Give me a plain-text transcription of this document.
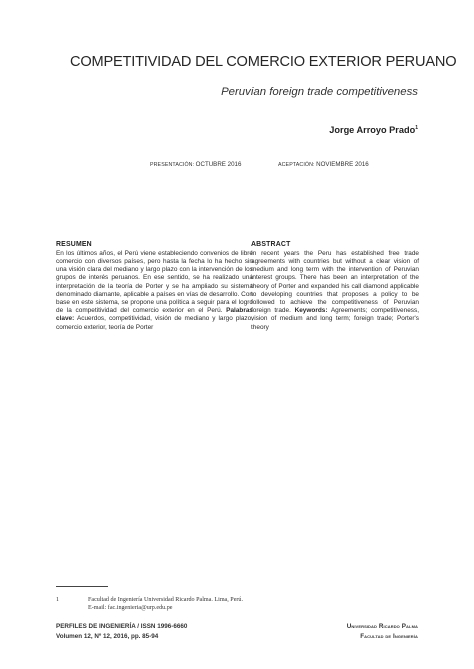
COMPETITIVIDAD DEL COMERCIO EXTERIOR PERUANO
Peruvian foreign trade competitiveness
Jorge Arroyo Prado$^1$
PRESENTACIÓN: OCTUBRE 2016	ACEPTACIÓN: NOVIEMBRE 2016
RESUMEN
En los últimos años, el Perú viene estableciendo convenios de libre comercio con diversos países, pero hasta la fecha lo ha hecho sin una visión clara del mediano y largo plazo con la intervención de los grupos de interés peruanos. En ese sentido, se ha realizado una interpretación de la teoría de Porter y se ha ampliado su sistema denominado diamante, aplicable a países en vías de desarrollo. Con base en este sistema, se propone una política a seguir para el logro de la competitividad del comercio exterior en el Perú. Palabras clave: Acuerdos, competitividad, visión de mediano y largo plazo, comercio exterior, teoría de Porter
ABSTRACT
In recent years the Peru has established free trade agreements with countries but without a clear vision of medium and long term with the intervention of Peruvian interest groups. There has been an interpretation of the theory of Porter and expanded his call diamond applicable to developing countries that proposes a policy to be followed to achieve the competitiveness of Peruvian foreign trade. Keywords: Agreements; competitiveness, vision of medium and long term; foreign trade; Porter's theory
1	Facultad de Ingeniería Universidad Ricardo Palma. Lima, Perú.
E-mail: fac.ingenieria@urp.edu.pe
PERFILES DE INGENIERÍA / ISSN 1996-6660
Volumen 12, Nº 12, 2016, pp. 85-94
Universidad Ricardo Palma
Facultad de Ingeniería
